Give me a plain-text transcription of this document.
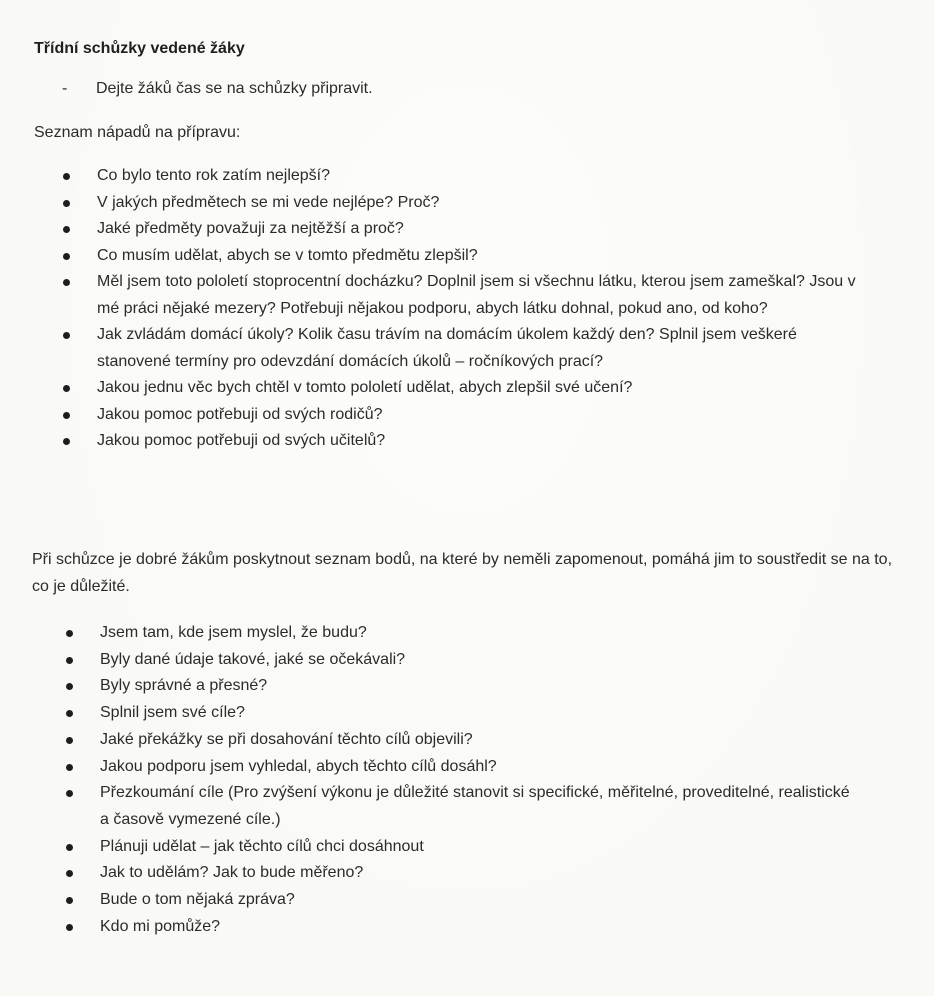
Třídní schůzky vedené žáky
-	Dejte žáků čas se na schůzky připravit.

Seznam nápadů na přípravu:

Co bylo tento rok zatím nejlepší?
V jakých předmětech se mi vede nejlépe? Proč?
Jaké předměty považuji za nejtěžší a proč?
Co musím udělat, abych se v tomto předmětu zlepšil?
Měl jsem toto pololetí stoprocentní docházku? Doplnil jsem si všechnu látku, kterou jsem zameškal? Jsou v mé práci nějaké mezery? Potřebuji nějakou podporu, abych látku dohnal, pokud ano, od koho?
Jak zvládám domácí úkoly? Kolik času trávím na domácím úkolem každý den? Splnil jsem veškeré stanovené termíny pro odevzdání domácích úkolů – ročníkových prací?
Jakou jednu věc bych chtěl v tomto pololetí udělat, abych zlepšil své učení?
Jakou pomoc potřebuji od svých rodičů?
Jakou pomoc potřebuji od svých učitelů?

Při schůzce je dobré žákům poskytnout seznam bodů, na které by neměli zapomenout, pomáhá jim to soustředit se na to, co je důležité.

Jsem tam, kde jsem myslel, že budu?
Byly dané údaje takové, jaké se očekávali?
Byly správné a přesné?
Splnil jsem své cíle?
Jaké překážky se při dosahování těchto cílů objevili?
Jakou podporu jsem vyhledal, abych těchto cílů dosáhl?
Přezkoumání cíle (Pro zvýšení výkonu je důležité stanovit si specifické, měřitelné, proveditelné, realistické a časově vymezené cíle.)
Plánuji udělat – jak těchto cílů chci dosáhnout
Jak to udělám? Jak to bude měřeno?
Bude o tom nějaká zpráva?
Kdo mi pomůže?
